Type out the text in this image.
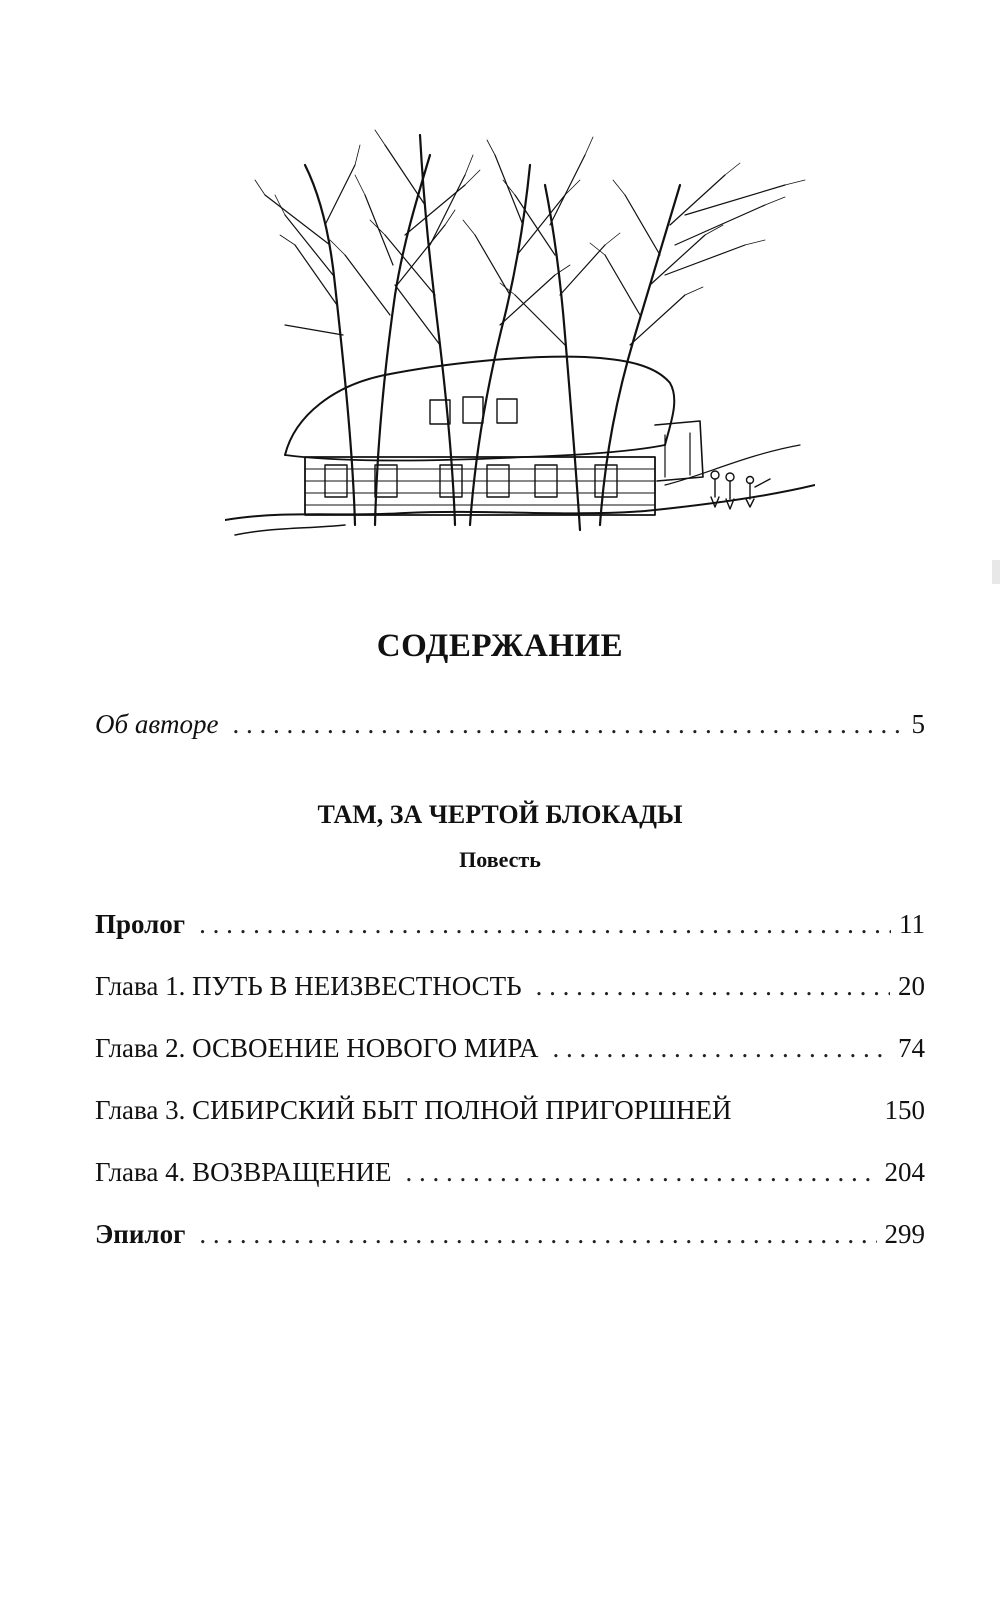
СОДЕРЖАНИЕ
Об авторе . . .	5
ТАМ, ЗА ЧЕРТОЙ БЛОКАДЫ
Повесть
Пролог . . .	11
Глава 1. ПУТЬ В НЕИЗВЕСТНОСТЬ . . .	20
Глава 2. ОСВОЕНИЕ НОВОГО МИРА . . .	74
Глава 3. СИБИРСКИЙ БЫТ ПОЛНОЙ ПРИГОРШНЕЙ	150
Глава 4. ВОЗВРАЩЕНИЕ . . .	204
Эпилог . . .	299
